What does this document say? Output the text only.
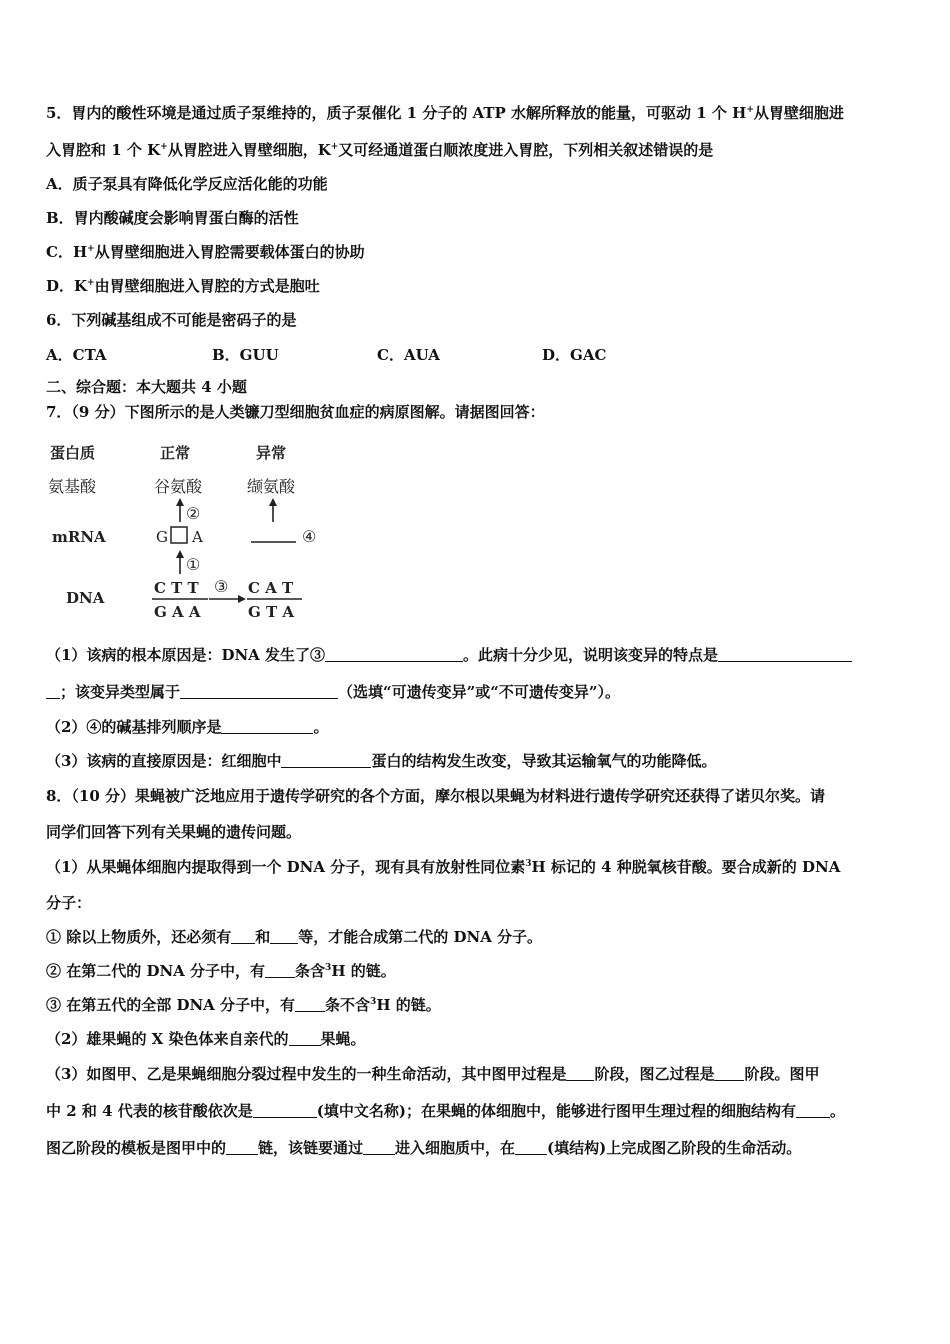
5．胃内的酸性环境是通过质子泵维持的，质子泵催化 1 分子的 ATP 水解所释放的能量，可驱动 1 个 H+从胃壁细胞进
入胃腔和 1 个 K+从胃腔进入胃壁细胞，K+又可经通道蛋白顺浓度进入胃腔，下列相关叙述错误的是
A．质子泵具有降低化学反应活化能的功能
B．胃内酸碱度会影响胃蛋白酶的活性
C．H+从胃壁细胞进入胃腔需要载体蛋白的协助
D．K+由胃壁细胞进入胃腔的方式是胞吐
6．下列碱基组成不可能是密码子的是
A．CTA	B．GUU	C．AUA	D．GAC
二、综合题：本大题共 4 小题
7．（9 分）下图所示的是人类镰刀型细胞贫血症的病原图解。请据图回答：
蛋白质	正常	异常
氨基酸	谷氨酸	缬氨酸
②
mRNA	G A	④
①
DNA
C T T
G A A
③ C A T
G T A
（1）该病的根本原因是：DNA 发生了③	。此病十分少见，说明该变异的特点是
；该变异类型属于	（选填“可遗传变异”或“不可遗传变异”）。
（2）④的碱基排列顺序是	。
（3）该病的直接原因是：红细胞中	蛋白的结构发生改变，导致其运输氧气的功能降低。
8．（10 分）果蝇被广泛地应用于遗传学研究的各个方面，摩尔根以果蝇为材料进行遗传学研究还获得了诺贝尔奖。请
同学们回答下列有关果蝇的遗传问题。
（1）从果蝇体细胞内提取得到一个 DNA 分子，现有具有放射性同位素$^3$H 标记的 4 种脱氧核苷酸。要合成新的 DNA
分子：
① 除以上物质外，还必须有 和 等，才能合成第二代的 DNA 分子。
② 在第二代的 DNA 分子中，有 条含$^3$H 的链。
③ 在第五代的全部 DNA 分子中，有 条不含$^3$H 的链。
（2）雄果蝇的 X 染色体来自亲代的 果蝇。
（3）如图甲、乙是果蝇细胞分裂过程中发生的一种生命活动，其中图甲过程是 阶段，图乙过程是 阶段。图甲
中 2 和 4 代表的核苷酸依次是	(填中文名称)；在果蝇的体细胞中，能够进行图甲生理过程的细胞结构有 。
图乙阶段的模板是图甲中的 链，该链要通过 进入细胞质中，在 (填结构)上完成图乙阶段的生命活动。
